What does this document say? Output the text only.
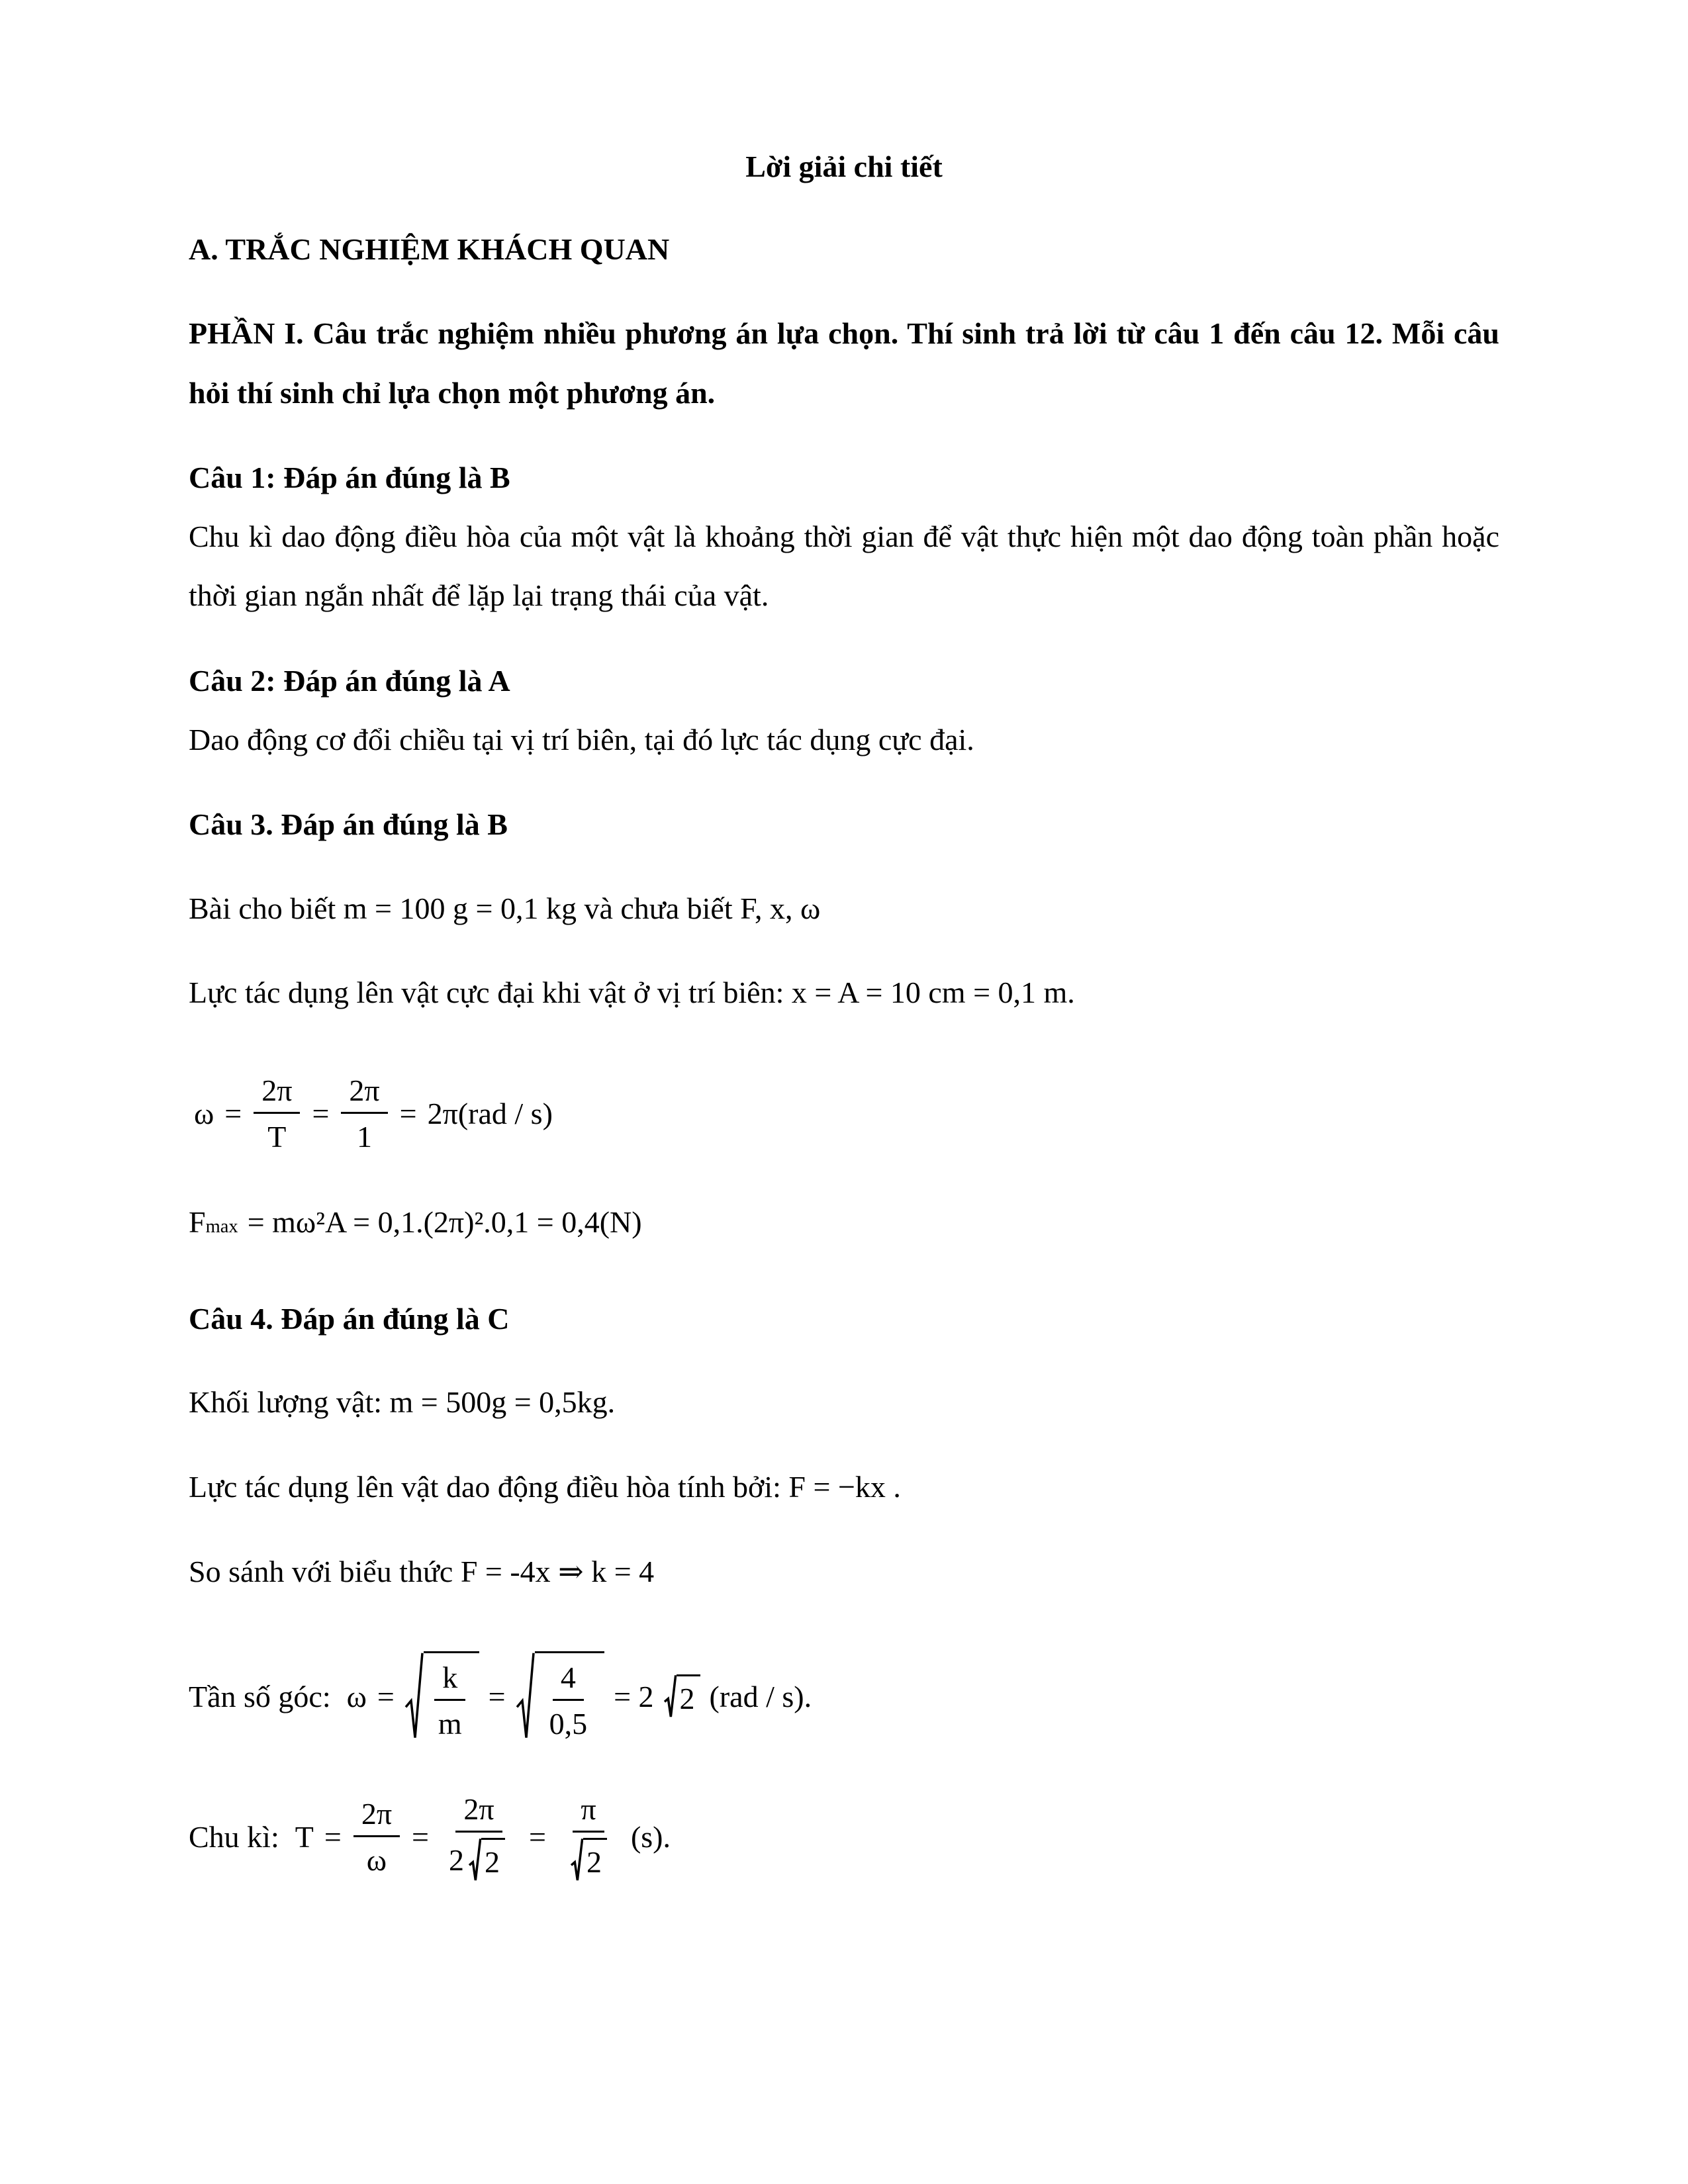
Lời giải chi tiết
A. TRẮC NGHIỆM KHÁCH QUAN
PHẦN I. Câu trắc nghiệm nhiều phương án lựa chọn. Thí sinh trả lời từ câu 1 đến câu 12. Mỗi câu hỏi thí sinh chỉ lựa chọn một phương án.
Câu 1: Đáp án đúng là B

Chu kì dao động điều hòa của một vật là khoảng thời gian để vật thực hiện một dao động toàn phần hoặc thời gian ngắn nhất để lặp lại trạng thái của vật.

Câu 2: Đáp án đúng là A

Dao động cơ đổi chiều tại vị trí biên, tại đó lực tác dụng cực đại.

Câu 3. Đáp án đúng là B

Bài cho biết m = 100 g = 0,1 kg và chưa biết F, x, ω

Lực tác dụng lên vật cực đại khi vật ở vị trí biên: x = A = 10 cm = 0,1 m.

$\omega = \frac{2\pi}{T} = \frac{2\pi}{1} = 2\pi(rad / s)$
$F_{max} = m\omega^2A = 0,1.(2\pi)^2.0,1 = 0,4(N)$
Câu 4. Đáp án đúng là C

Khối lượng vật: m = 500g = 0,5kg.

Lực tác dụng lên vật dao động điều hòa tính bởi: F = −kx .

So sánh với biểu thức F = -4x ⇒ k = 4

Tần số góc: $\omega = \frac{k}{m} = \frac{4}{0,5} = 2$ 2 (rad / s).
Chu kì: $T = \frac{2\pi}{\omega} = \frac{2\pi}{2 2} = \frac{\pi}{2} (s)$.
